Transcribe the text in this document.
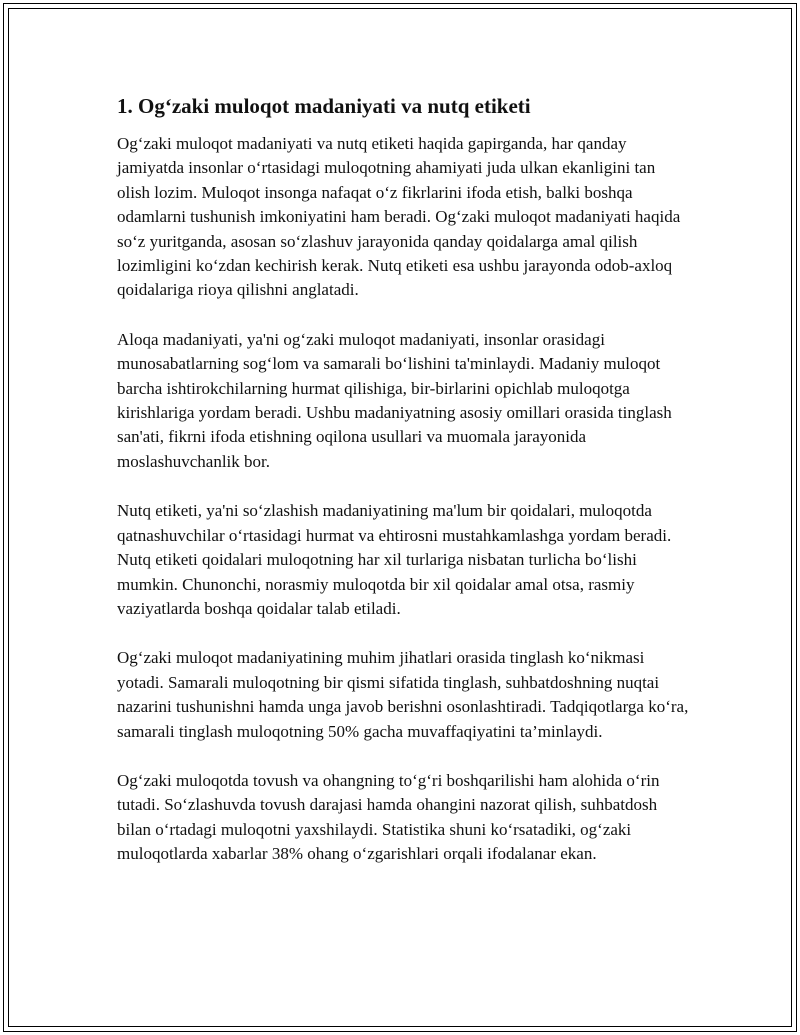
1. Og‘zaki muloqot madaniyati va nutq etiketi

Og‘zaki muloqot madaniyati va nutq etiketi haqida gapirganda, har qanday jamiyatda insonlar o‘rtasidagi muloqotning ahamiyati juda ulkan ekanligini tan olish lozim. Muloqot insonga nafaqat o‘z fikrlarini ifoda etish, balki boshqa odamlarni tushunish imkoniyatini ham beradi. Og‘zaki muloqot madaniyati haqida so‘z yuritganda, asosan so‘zlashuv jarayonida qanday qoidalarga amal qilish lozimligini ko‘zdan kechirish kerak. Nutq etiketi esa ushbu jarayonda odob-axloq qoidalariga rioya qilishni anglatadi.

Aloqa madaniyati, ya'ni og‘zaki muloqot madaniyati, insonlar orasidagi munosabatlarning sog‘lom va samarali bo‘lishini ta'minlaydi. Madaniy muloqot barcha ishtirokchilarning hurmat qilishiga, bir-birlarini opichlab muloqotga kirishlariga yordam beradi. Ushbu madaniyatning asosiy omillari orasida tinglash san'ati, fikrni ifoda etishning oqilona usullari va muomala jarayonida moslashuvchanlik bor.

Nutq etiketi, ya'ni so‘zlashish madaniyatining ma'lum bir qoidalari, muloqotda qatnashuvchilar o‘rtasidagi hurmat va ehtirosni mustahkamlashga yordam beradi. Nutq etiketi qoidalari muloqotning har xil turlariga nisbatan turlicha bo‘lishi mumkin. Chunonchi, norasmiy muloqotda bir xil qoidalar amal otsa, rasmiy vaziyatlarda boshqa qoidalar talab etiladi.

Og‘zaki muloqot madaniyatining muhim jihatlari orasida tinglash ko‘nikmasi yotadi. Samarali muloqotning bir qismi sifatida tinglash, suhbatdoshning nuqtai nazarini tushunishni hamda unga javob berishni osonlashtiradi. Tadqiqotlarga ko‘ra, samarali tinglash muloqotning 50% gacha muvaffaqiyatini ta’minlaydi.

Og‘zaki muloqotda tovush va ohangning to‘g‘ri boshqarilishi ham alohida o‘rin tutadi. So‘zlashuvda tovush darajasi hamda ohangini nazorat qilish, suhbatdosh bilan o‘rtadagi muloqotni yaxshilaydi. Statistika shuni ko‘rsatadiki, og‘zaki muloqotlarda xabarlar 38% ohang o‘zgarishlari orqali ifodalanar ekan.
